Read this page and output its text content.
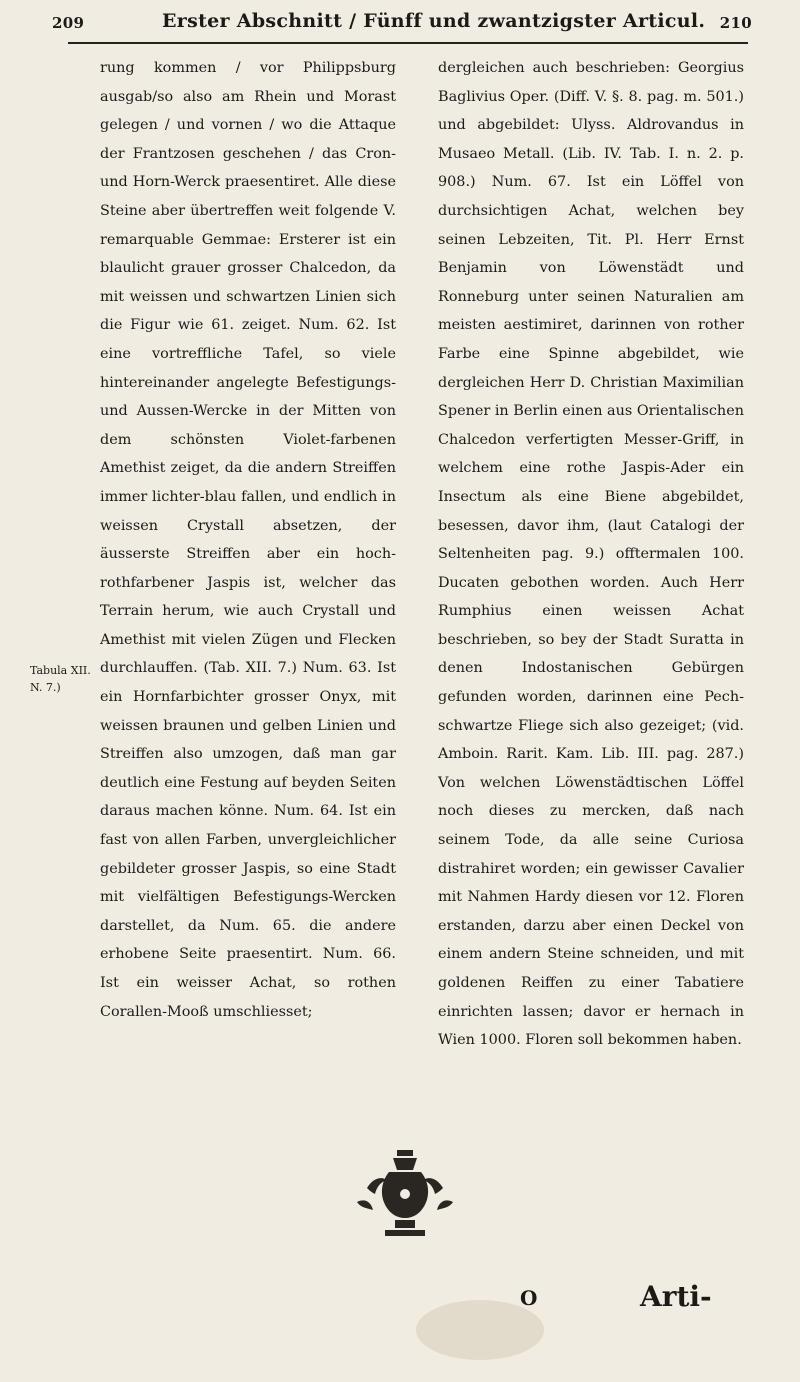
209	Erster Abschnitt / Fünff und zwantzigster Articul. 210
Tabula XII. N. 7.)

rung kommen / vor Philippsburg ausgab/so also am Rhein und Morast gelegen / und vornen / wo die Attaque der Frantzosen geschehen / das Cron- und Horn-Werck praesentiret. Alle diese Steine aber übertreffen weit folgende V. remarquable Gemmae: Ersterer ist ein blaulicht grauer grosser Chalcedon, da mit weissen und schwartzen Linien sich die Figur wie 61. zeiget. Num. 62. Ist eine vortreffliche Tafel, so viele hintereinander angelegte Befestigungs- und Aussen-Wercke in der Mitten von dem schönsten Violet-farbenen Amethist zeiget, da die andern Streiffen immer lichter-blau fallen, und endlich in weissen Crystall absetzen, der äusserste Streiffen aber ein hoch-rothfarbener Jaspis ist, welcher das Terrain herum, wie auch Crystall und Amethist mit vielen Zügen und Flecken durchlauffen. (Tab. XII. 7.) Num. 63. Ist ein Hornfarbichter grosser Onyx, mit weissen braunen und gelben Linien und Streiffen also umzogen, daß man gar deutlich eine Festung auf beyden Seiten daraus machen könne. Num. 64. Ist ein fast von allen Farben, unvergleichlicher gebildeter grosser Jaspis, so eine Stadt mit vielfältigen Befestigungs-Wercken darstellet, da Num. 65. die andere erhobene Seite praesentirt. Num. 66. Ist ein weisser Achat, so rothen Corallen-Mooß umschliesset;

dergleichen auch beschrieben: Georgius Baglivius Oper. (Diff. V. §. 8. pag. m. 501.) und abgebildet: Ulyss. Aldrovandus in Musaeo Metall. (Lib. IV. Tab. I. n. 2. p. 908.) Num. 67. Ist ein Löffel von durchsichtigen Achat, welchen bey seinen Lebzeiten, Tit. Pl. Herr Ernst Benjamin von Löwenstädt und Ronneburg unter seinen Naturalien am meisten aestimiret, darinnen von rother Farbe eine Spinne abgebildet, wie dergleichen Herr D. Christian Maximilian Spener in Berlin einen aus Orientalischen Chalcedon verfertigten Messer-Griff, in welchem eine rothe Jaspis-Ader ein Insectum als eine Biene abgebildet, besessen, davor ihm, (laut Catalogi der Seltenheiten pag. 9.) offtermalen 100. Ducaten gebothen worden. Auch Herr Rumphius einen weissen Achat beschrieben, so bey der Stadt Suratta in denen Indostanischen Gebürgen gefunden worden, darinnen eine Pech-schwartze Fliege sich also gezeiget; (vid. Amboin. Rarit. Kam. Lib. III. pag. 287.) Von welchen Löwenstädtischen Löffel noch dieses zu mercken, daß nach seinem Tode, da alle seine Curiosa distrahiret worden; ein gewisser Cavalier mit Nahmen Hardy diesen vor 12. Floren erstanden, darzu aber einen Deckel von einem andern Steine schneiden, und mit goldenen Reiffen zu einer Tabatiere einrichten lassen; davor er hernach in Wien 1000. Floren soll bekommen haben.

O	Arti-
